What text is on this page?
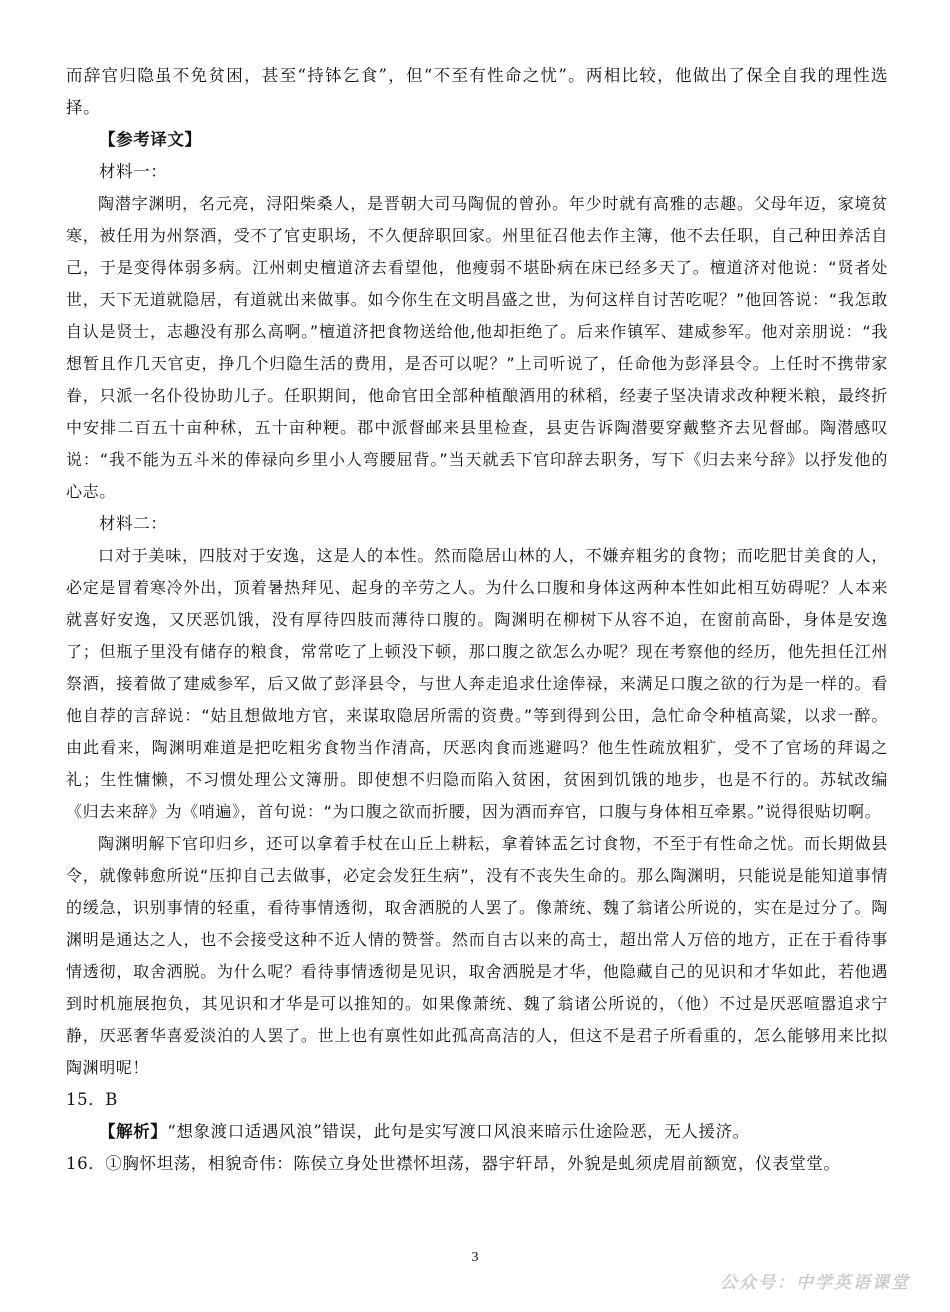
而辞官归隐虽不免贫困，甚至“持钵乞食”，但“不至有性命之忧”。两相比较，他做出了保全自我的理性选择。

【参考译文】

材料一：

陶潜字渊明，名元亮，浔阳柴桑人，是晋朝大司马陶侃的曾孙。年少时就有高雅的志趣。父母年迈，家境贫寒，被任用为州祭酒，受不了官吏职场，不久便辞职回家。州里征召他去作主簿，他不去任职，自己种田养活自己，于是变得体弱多病。江州刺史檀道济去看望他，他瘦弱不堪卧病在床已经多天了。檀道济对他说：“贤者处世，天下无道就隐居，有道就出来做事。如今你生在文明昌盛之世，为何这样自讨苦吃呢？”他回答说：“我怎敢自认是贤士，志趣没有那么高啊。”檀道济把食物送给他,他却拒绝了。后来作镇军、建威参军。他对亲朋说：“我想暂且作几天官吏，挣几个归隐生活的费用，是否可以呢？”上司听说了，任命他为彭泽县令。上任时不携带家眷，只派一名仆役协助儿子。任职期间，他命官田全部种植酿酒用的秫稻，经妻子坚决请求改种粳米粮，最终折中安排二百五十亩种秫，五十亩种粳。郡中派督邮来县里检查，县吏告诉陶潜要穿戴整齐去见督邮。陶潜感叹说：“我不能为五斗米的俸禄向乡里小人弯腰屈背。”当天就丢下官印辞去职务，写下《归去来兮辞》以抒发他的心志。

材料二：

口对于美味，四肢对于安逸，这是人的本性。然而隐居山林的人，不嫌弃粗劣的食物；而吃肥甘美食的人，必定是冒着寒冷外出，顶着暑热拜见、起身的辛劳之人。为什么口腹和身体这两种本性如此相互妨碍呢？人本来就喜好安逸，又厌恶饥饿，没有厚待四肢而薄待口腹的。陶渊明在柳树下从容不迫，在窗前高卧，身体是安逸了；但瓶子里没有储存的粮食，常常吃了上顿没下顿，那口腹之欲怎么办呢？现在考察他的经历，他先担任江州祭酒，接着做了建威参军，后又做了彭泽县令，与世人奔走追求仕途俸禄，来满足口腹之欲的行为是一样的。看他自荐的言辞说：“姑且想做地方官，来谋取隐居所需的资费。”等到得到公田，急忙命令种植高粱，以求一醉。由此看来，陶渊明难道是把吃粗劣食物当作清高，厌恶肉食而逃避吗？他生性疏放粗犷，受不了官场的拜谒之礼；生性慵懒，不习惯处理公文簿册。即使想不归隐而陷入贫困，贫困到饥饿的地步，也是不行的。苏轼改编《归去来辞》为《哨遍》，首句说：“为口腹之欲而折腰，因为酒而弃官，口腹与身体相互牵累。”说得很贴切啊。

陶渊明解下官印归乡，还可以拿着手杖在山丘上耕耘，拿着钵盂乞讨食物，不至于有性命之忧。而长期做县令，就像韩愈所说“压抑自己去做事，必定会发狂生病”，没有不丧失生命的。那么陶渊明，只能说是能知道事情的缓急，识别事情的轻重，看待事情透彻，取舍洒脱的人罢了。像萧统、魏了翁诸公所说的，实在是过分了。陶渊明是通达之人，也不会接受这种不近人情的赞誉。然而自古以来的高士，超出常人万倍的地方，正在于看待事情透彻，取舍洒脱。为什么呢？看待事情透彻是见识，取舍洒脱是才华，他隐藏自己的见识和才华如此，若他遇到时机施展抱负，其见识和才华是可以推知的。如果像萧统、魏了翁诸公所说的，（他）不过是厌恶喧嚣追求宁静，厌恶奢华喜爱淡泊的人罢了。世上也有禀性如此孤高高洁的人，但这不是君子所看重的，怎么能够用来比拟陶渊明呢！

15．B

【解析】“想象渡口适遇风浪”错误，此句是实写渡口风浪来暗示仕途险恶，无人援济。

16．①胸怀坦荡，相貌奇伟：陈侯立身处世襟怀坦荡，器宇轩昂，外貌是虬须虎眉前额宽，仪表堂堂。

3
公众号：中学英语课堂
